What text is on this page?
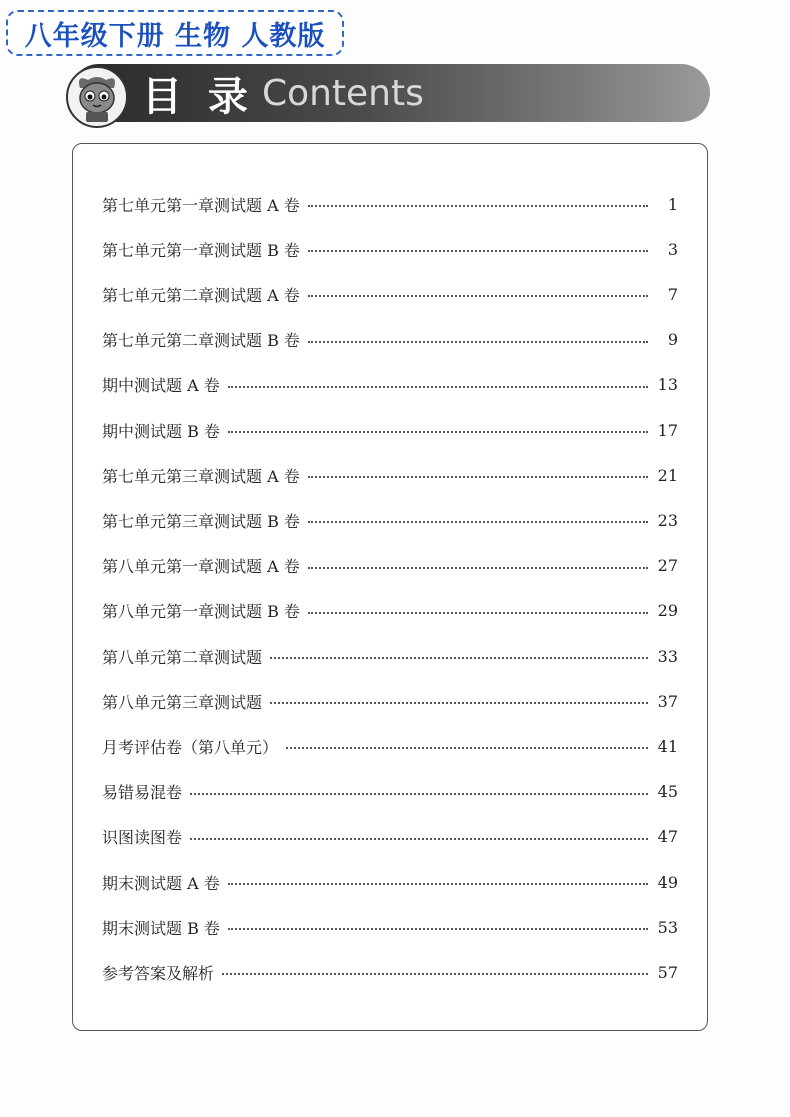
八年级下册 生物 人教版
目 录 Contents
第七单元第一章测试题 A 卷	1
第七单元第一章测试题 B 卷	3
第七单元第二章测试题 A 卷	7
第七单元第二章测试题 B 卷	9
期中测试题 A 卷	13
期中测试题 B 卷	17
第七单元第三章测试题 A 卷	21
第七单元第三章测试题 B 卷	23
第八单元第一章测试题 A 卷	27
第八单元第一章测试题 B 卷	29
第八单元第二章测试题	33
第八单元第三章测试题	37
月考评估卷（第八单元）	41
易错易混卷	45
识图读图卷	47
期末测试题 A 卷	49
期末测试题 B 卷	53
参考答案及解析	57
